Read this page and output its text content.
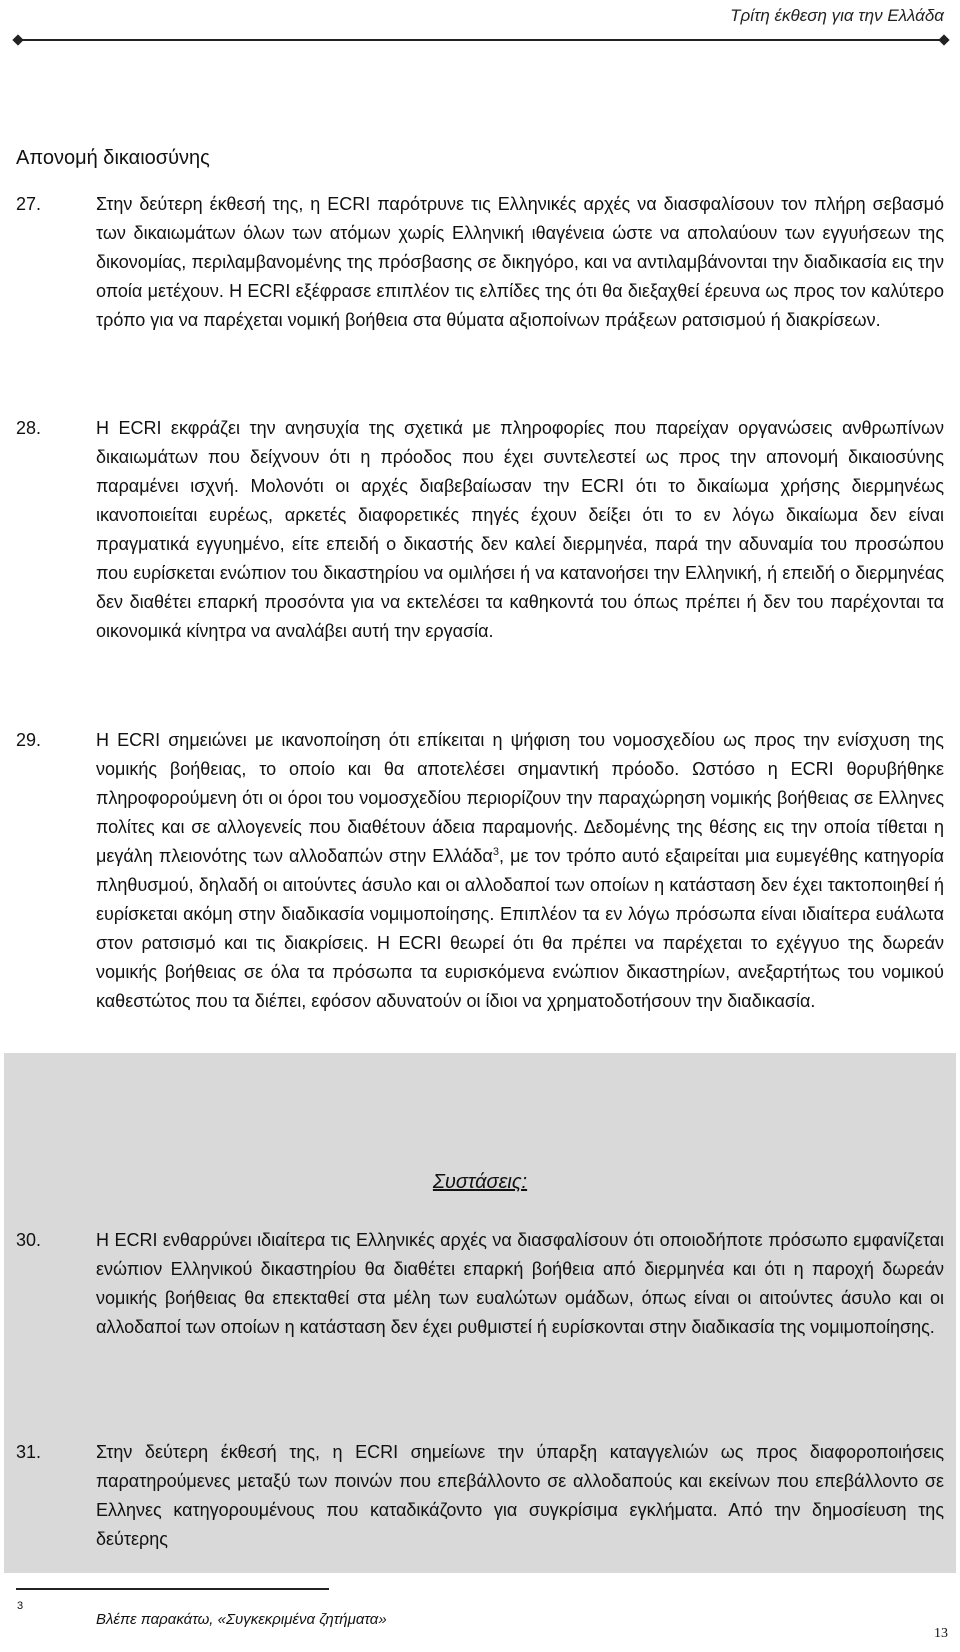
Τρίτη έκθεση για την Ελλάδα
Απονομή δικαιοσύνης
27.	Στην δεύτερη έκθεσή της, η ECRI παρότρυνε τις Ελληνικές αρχές να διασφαλίσουν τον πλήρη σεβασμό των δικαιωμάτων όλων των ατόμων χωρίς Ελληνική ιθαγένεια ώστε να απολαύουν των εγγυήσεων της δικονομίας, περιλαμβανομένης της πρόσβασης σε δικηγόρο, και να αντιλαμβάνονται την διαδικασία εις την οποία μετέχουν. Η ECRI εξέφρασε επιπλέον τις ελπίδες της ότι θα διεξαχθεί έρευνα ως προς τον καλύτερο τρόπο για να παρέχεται νομική βοήθεια στα θύματα αξιοποίνων πράξεων ρατσισμού ή διακρίσεων.
28.	Η ECRI εκφράζει την ανησυχία της σχετικά με πληροφορίες που παρείχαν οργανώσεις ανθρωπίνων δικαιωμάτων που δείχνουν ότι η πρόοδος που έχει συντελεστεί ως προς την απονομή δικαιοσύνης παραμένει ισχνή. Μολονότι οι αρχές διαβεβαίωσαν την ECRI ότι το δικαίωμα χρήσης διερμηνέως ικανοποιείται ευρέως, αρκετές διαφορετικές πηγές έχουν δείξει ότι το εν λόγω δικαίωμα δεν είναι πραγματικά εγγυημένο, είτε επειδή ο δικαστής δεν καλεί διερμηνέα, παρά την αδυναμία του προσώπου που ευρίσκεται ενώπιον του δικαστηρίου να ομιλήσει ή να κατανοήσει την Ελληνική, ή επειδή ο διερμηνέας δεν διαθέτει επαρκή προσόντα για να εκτελέσει τα καθηκοντά του όπως πρέπει ή δεν του παρέχονται τα οικονομικά κίνητρα να αναλάβει αυτή την εργασία.
29.	Η ECRI σημειώνει με ικανοποίηση ότι επίκειται η ψήφιση του νομοσχεδίου ως προς την ενίσχυση της νομικής βοήθειας, το οποίο και θα αποτελέσει σημαντική πρόοδο. Ωστόσο η ECRI θορυβήθηκε πληροφορούμενη ότι οι όροι του νομοσχεδίου περιορίζουν την παραχώρηση νομικής βοήθειας σε Ελληνες πολίτες και σε αλλογενείς που διαθέτουν άδεια παραμονής. Δεδομένης της θέσης εις την οποία τίθεται η μεγάλη πλειονότης των αλλοδαπών στην Ελλάδα$^3$, με τον τρόπο αυτό εξαιρείται μια ευμεγέθης κατηγορία πληθυσμού, δηλαδή οι αιτούντες άσυλο και οι αλλοδαποί των οποίων η κατάσταση δεν έχει τακτοποιηθεί ή ευρίσκεται ακόμη στην διαδικασία νομιμοποίησης. Επιπλέον τα εν λόγω πρόσωπα είναι ιδιαίτερα ευάλωτα στον ρατσισμό και τις διακρίσεις. Η ECRI θεωρεί ότι θα πρέπει να παρέχεται το εχέγγυο της δωρεάν νομικής βοήθειας σε όλα τα πρόσωπα τα ευρισκόμενα ενώπιον δικαστηρίων, ανεξαρτήτως του νομικού καθεστώτος που τα διέπει, εφόσον αδυνατούν οι ίδιοι να χρηματοδοτήσουν την διαδικασία.
Συστάσεις:
30.	Η ECRI ενθαρρύνει ιδιαίτερα τις Ελληνικές αρχές να διασφαλίσουν ότι οποιοδήποτε πρόσωπο εμφανίζεται ενώπιον Ελληνικού δικαστηρίου θα διαθέτει επαρκή βοήθεια από διερμηνέα και ότι η παροχή δωρεάν νομικής βοήθειας θα επεκταθεί στα μέλη των ευαλώτων ομάδων, όπως είναι οι αιτούντες άσυλο και οι αλλοδαποί των οποίων η κατάσταση δεν έχει ρυθμιστεί ή ευρίσκονται στην διαδικασία της νομιμοποίησης.
31.	Στην δεύτερη έκθεσή της, η ECRI σημείωνε την ύπαρξη καταγγελιών ως προς διαφοροποιήσεις παρατηρούμενες μεταξύ των ποινών που επεβάλλοντο σε αλλοδαπούς και εκείνων που επεβάλλοντο σε Ελληνες κατηγορουμένους που καταδικάζοντο για συγκρίσιμα εγκλήματα. Από την δημοσίευση της δεύτερης
3
Βλέπε παρακάτω, «Συγκεκριμένα ζητήματα»
13
